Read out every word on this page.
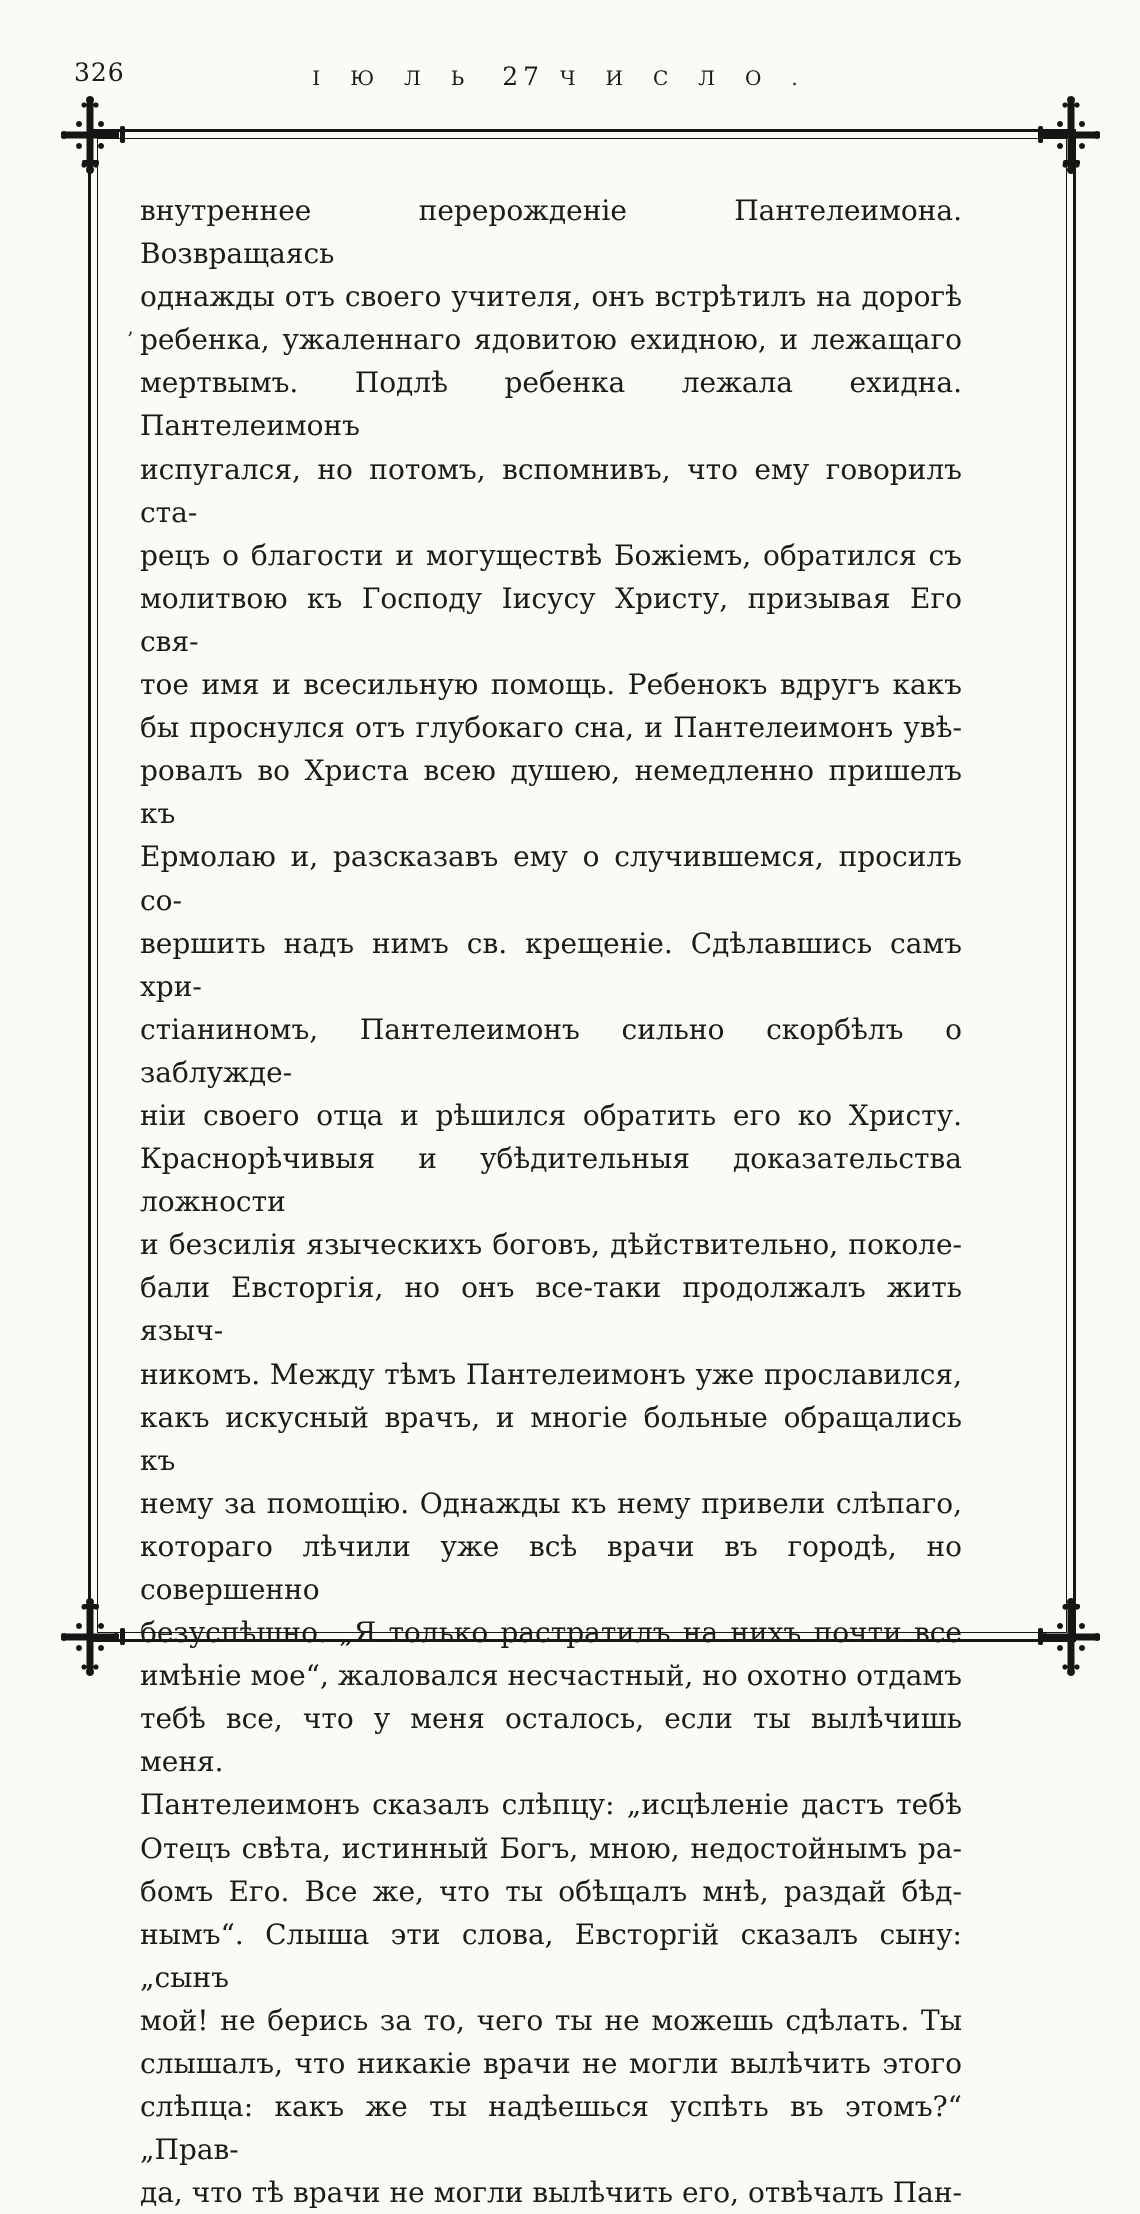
326	ІЮЛЬ 27 ЧИСЛО.
’
внутреннее перерожденіе Пантелеимона. Возвращаясь
однажды отъ своего учителя, онъ встрѣтилъ на дорогѣ
ребенка, ужаленнаго ядовитою ехидною, и лежащаго
мертвымъ. Подлѣ ребенка лежала ехидна. Пантелеимонъ
испугался, но потомъ, вспомнивъ, что ему говорилъ ста-
рецъ о благости и могуществѣ Божіемъ, обратился съ
молитвою къ Господу Іисусу Христу, призывая Его свя-
тое имя и всесильную помощь. Ребенокъ вдругъ какъ
бы проснулся отъ глубокаго сна, и Пантелеимонъ увѣ-
ровалъ во Христа всею душею, немедленно пришелъ къ
Ермолаю и, разсказавъ ему о случившемся, просилъ со-
вершить надъ нимъ св. крещеніе. Сдѣлавшись самъ хри-
стіаниномъ, Пантелеимонъ сильно скорбѣлъ о заблужде-
ніи своего отца и рѣшился обратить его ко Христу.
Краснорѣчивыя и убѣдительныя доказательства ложности
и безсилія языческихъ боговъ, дѣйствительно, поколе-
бали Евсторгія, но онъ все-таки продолжалъ жить языч-
никомъ. Между тѣмъ Пантелеимонъ уже прославился,
какъ искусный врачъ, и многіе больные обращались къ
нему за помощію. Однажды къ нему привели слѣпаго,
котораго лѣчили уже всѣ врачи въ городѣ, но совершенно
безуспѣшно. „Я только растратилъ на нихъ почти все
имѣніе мое“, жаловался несчастный, но охотно отдамъ
тебѣ все, что у меня осталось, если ты вылѣчишь меня.
Пантелеимонъ сказалъ слѣпцу: „исцѣленіе дастъ тебѣ
Отецъ свѣта, истинный Богъ, мною, недостойнымъ ра-
бомъ Его. Все же, что ты обѣщалъ мнѣ, раздай бѣд-
нымъ“. Слыша эти слова, Евсторгій сказалъ сыну: „сынъ
мой! не берись за то, чего ты не можешь сдѣлать. Ты
слышалъ, что никакіе врачи не могли вылѣчить этого
слѣпца: какъ же ты надѣешься успѣть въ этомъ?“ „Прав-
да, что тѣ врачи не могли вылѣчить его, отвѣчалъ Пан-
